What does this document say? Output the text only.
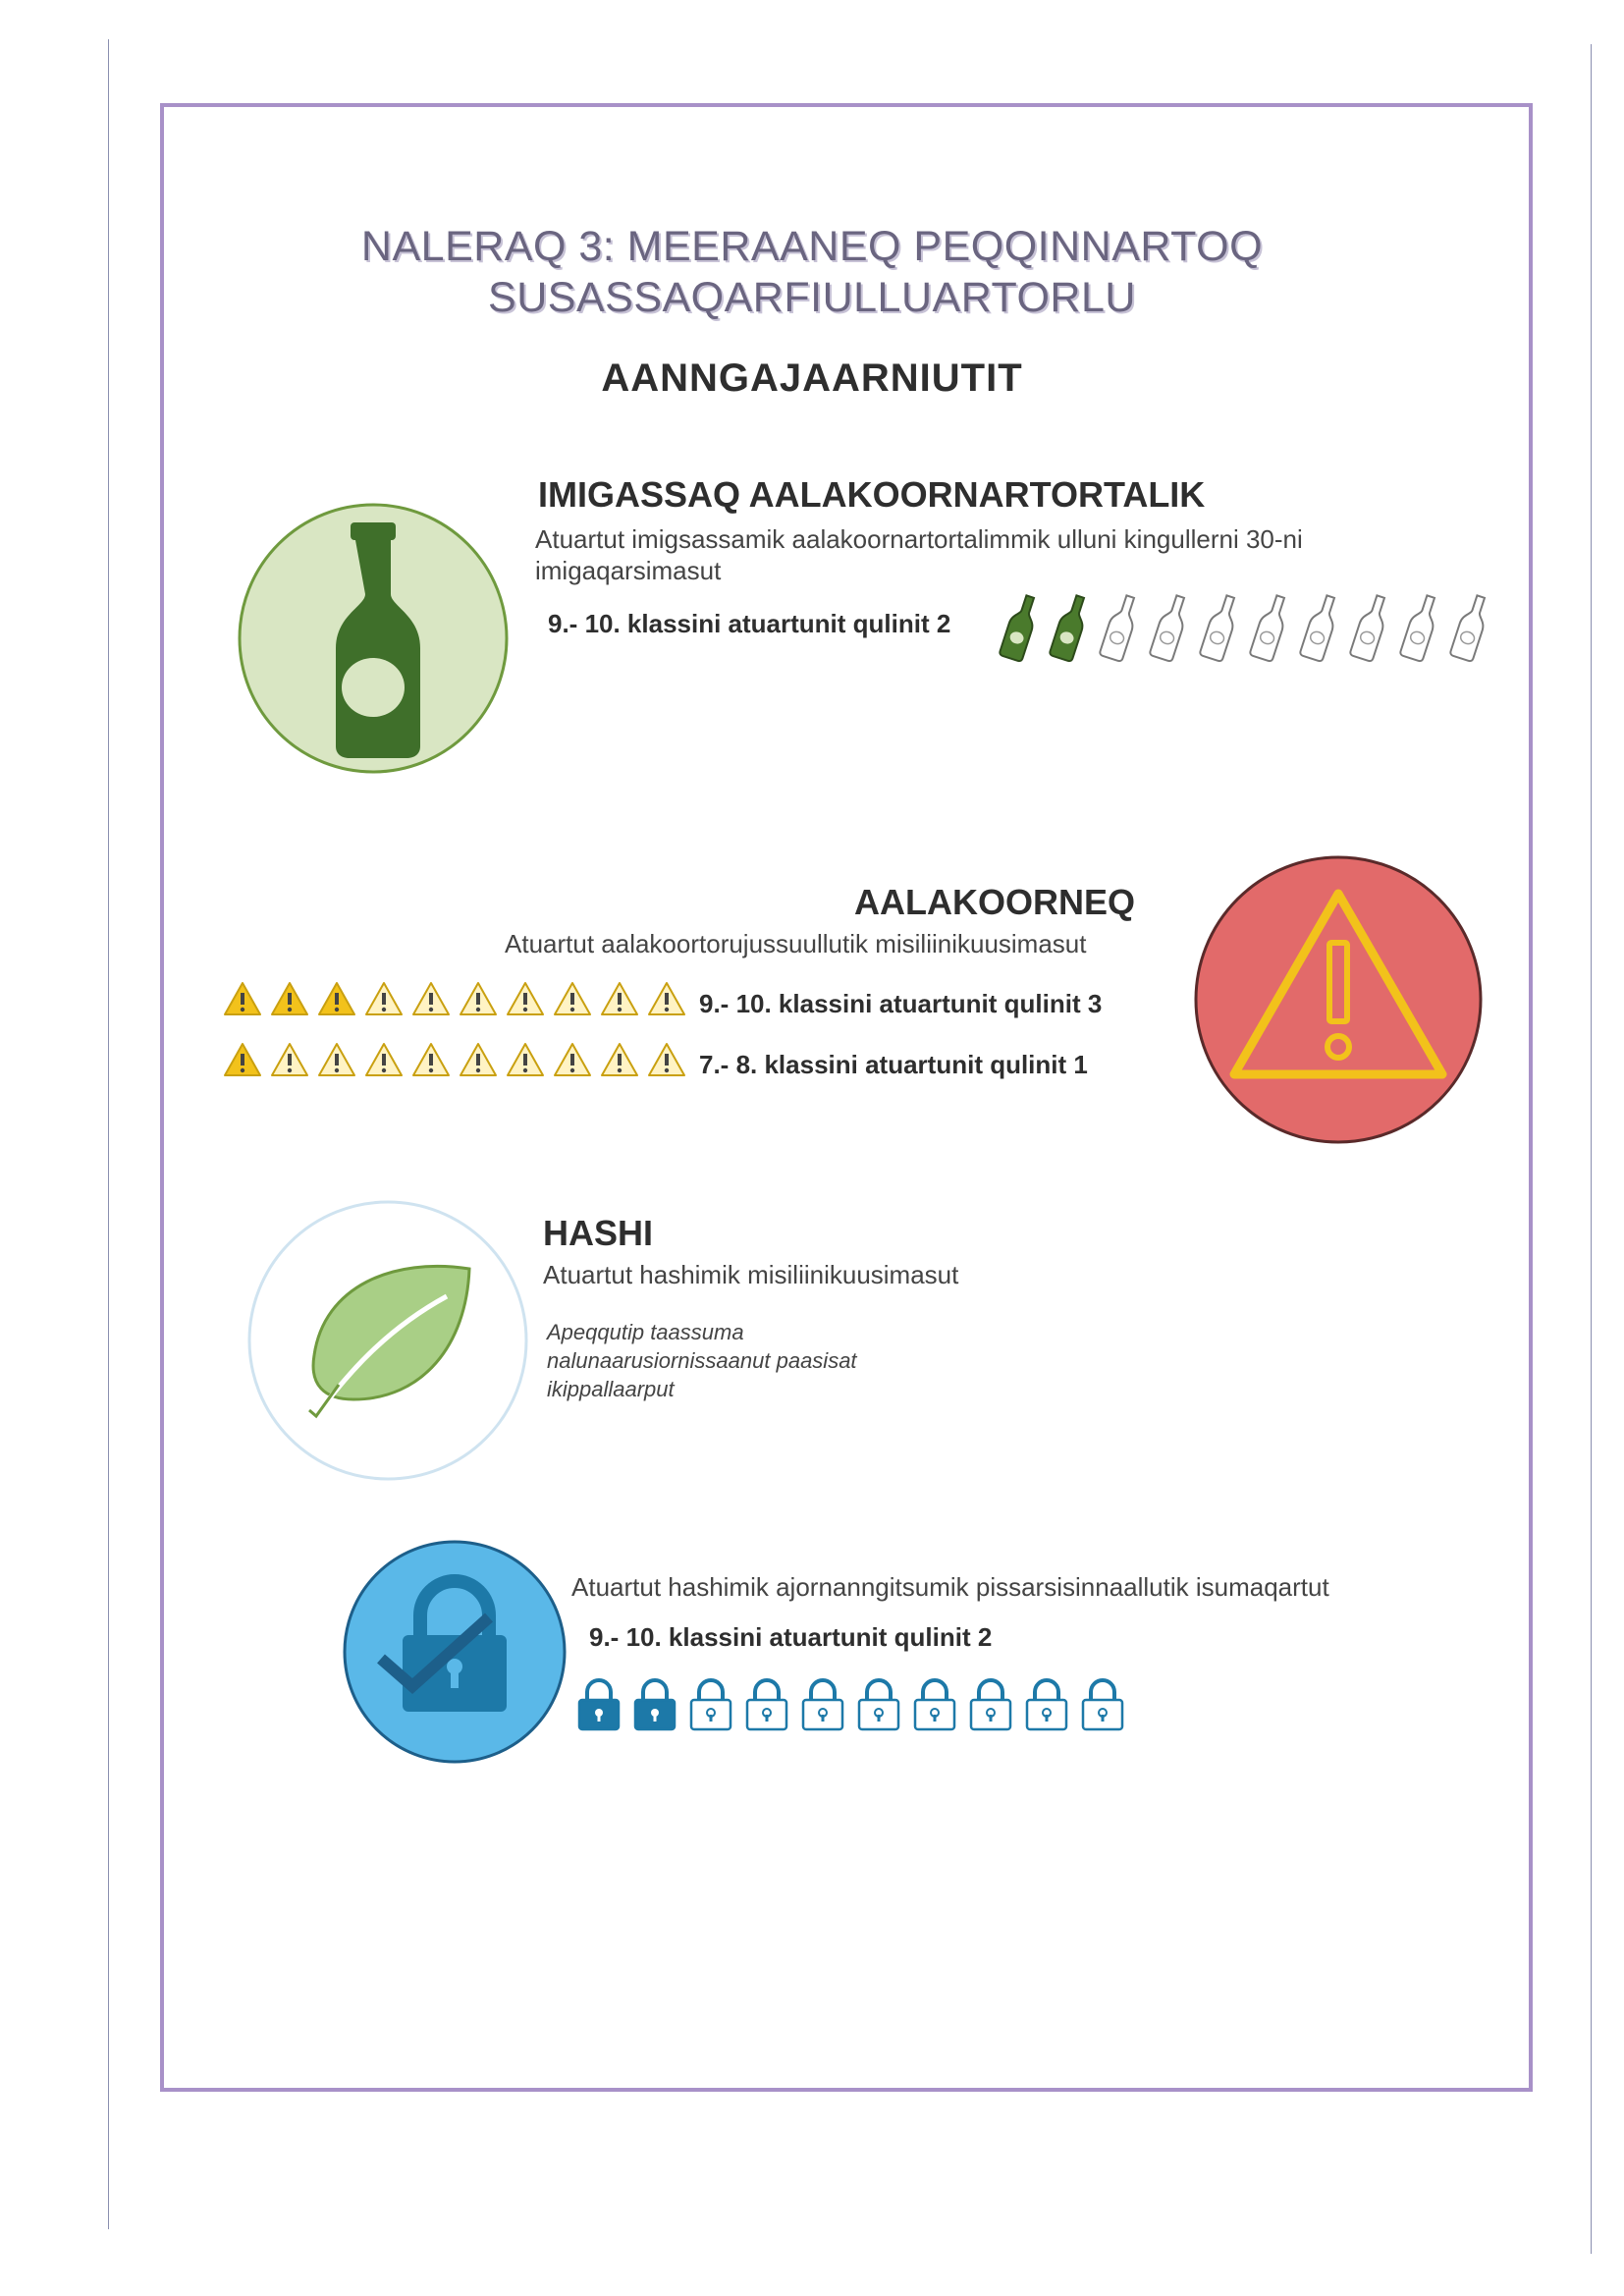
NALERAQ 3: MEERAANEQ PEQQINNARTOQ
SUSASSAQARFIULLUARTORLU
AANNGAJAARNIUTIT
IMIGASSAQ AALAKOORNARTORTALIK
Atuartut imigsassamik aalakoornartortalimmik ulluni kingullerni 30-ni imigaqarsimasut
9.- 10. klassini atuartunit qulinit 2
AALAKOORNEQ
Atuartut aalakoortorujussuullutik misiliinikuusimasut
9.- 10. klassini atuartunit qulinit 3
7.- 8. klassini atuartunit qulinit 1
HASHI
Atuartut hashimik misiliinikuusimasut
Apeqqutip taassuma nalunaarusiornissaanut paasisat ikippallaarput
Atuartut hashimik ajornanngitsumik pissarsisinnaallutik isumaqartut
9.- 10. klassini atuartunit qulinit 2
